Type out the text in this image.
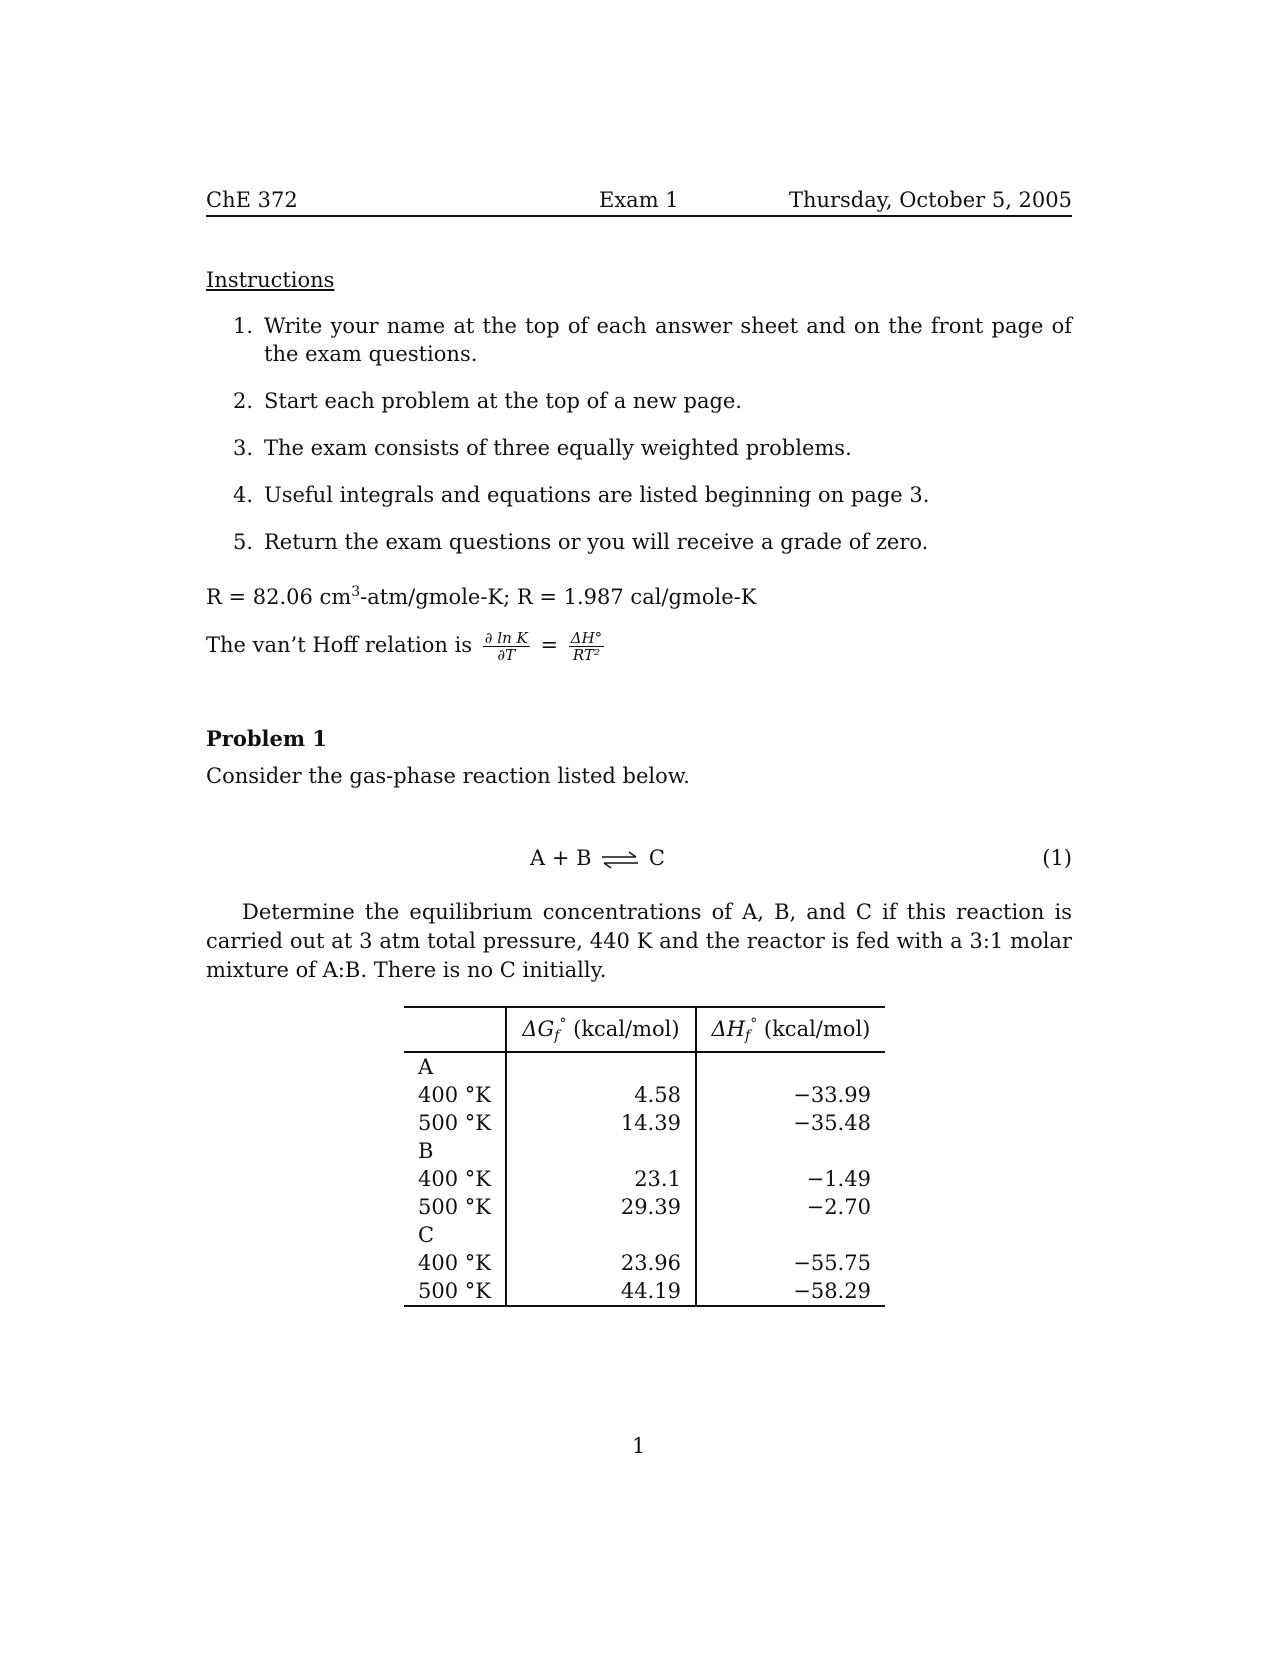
ChE 372	Exam 1	Thursday, October 5, 2005
Instructions
1. Write your name at the top of each answer sheet and on the front page of the exam questions.
2. Start each problem at the top of a new page.
3. The exam consists of three equally weighted problems.
4. Useful integrals and equations are listed beginning on page 3.
5. Return the exam questions or you will receive a grade of zero.
R = 82.06 $cm^3-atm/gmole-K$; R = 1.987 cal/gmole-K
The van’t Hoff relation is $\frac{\text{∂ ln K}}{\partial T} = \frac{\Delta H^\circ}{\text{RT²}}$
Problem 1
Consider the gas-phase reaction listed below.
A + B ⇌ C	(1)
Determine the equilibrium concentrations of A, B, and C if this reaction is carried out at 3 atm total pressure, 440 K and the reactor is fed with a 3:1 molar mixture of A:B. There is no C initially.
	$\Delta G_f^\circ$ (kcal/mol)	$\Delta H_f^\circ$ (kcal/mol)
A		
400 °K	4.58	−33.99
500 °K	14.39	−35.48
B		
400 °K	23.1	−1.49
500 °K	29.39	−2.70
C		
400 °K	23.96	−55.75
500 °K	44.19	−58.29
1
